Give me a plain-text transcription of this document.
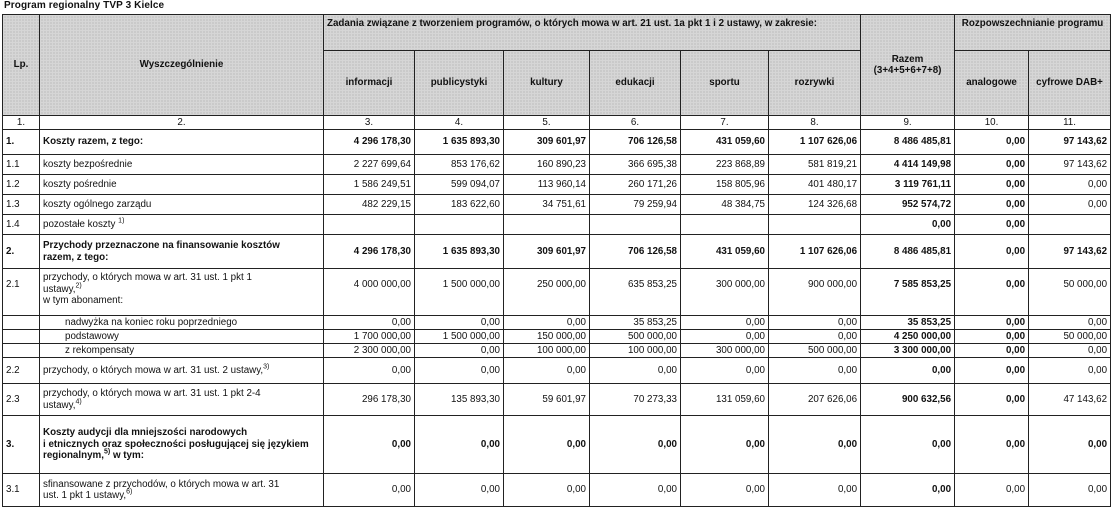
Program regionalny TVP 3 Kielce
Lp.	Wyszczególnienie	Zadania związane z tworzeniem programów, o których mowa w art. 21 ust. 1a pkt 1 i 2 ustawy, w zakresie:						Razem (3+4+5+6+7+8)	Rozpowszechnianie programu	
		informacji	publicystyki	kultury	edukacji	sportu	rozrywki		analogowe	cyfrowe DAB+
1.	2.	3.	4.	5.	6.	7.	8.	9.	10.	11.
1.	Koszty razem, z tego:	4 296 178,30	1 635 893,30	309 601,97	706 126,58	431 059,60	1 107 626,06	8 486 485,81	0,00	97 143,62
1.1	koszty bezpośrednie	2 227 699,64	853 176,62	160 890,23	366 695,38	223 868,89	581 819,21	4 414 149,98	0,00	97 143,62
1.2	koszty pośrednie	1 586 249,51	599 094,07	113 960,14	260 171,26	158 805,96	401 480,17	3 119 761,11	0,00	0,00
1.3	koszty ogólnego zarządu	482 229,15	183 622,60	34 751,61	79 259,94	48 384,75	124 326,68	952 574,72	0,00	0,00
1.4	pozostałe koszty $^{1)}$							0,00	0,00	
2.	Przychody przeznaczone na finansowanie kosztów
razem, z tego:	4 296 178,30	1 635 893,30	309 601,97	706 126,58	431 059,60	1 107 626,06	8 486 485,81	0,00	97 143,62
2.1	przychody, o których mowa w art. 31 ust. 1 pkt 1
ustawy,$^{2)}$
w tym abonament:	4 000 000,00	1 500 000,00	250 000,00	635 853,25	300 000,00	900 000,00	7 585 853,25	0,00	50 000,00
	nadwyżka na koniec roku poprzedniego	0,00	0,00	0,00	35 853,25	0,00	0,00	35 853,25	0,00	0,00
	podstawowy	1 700 000,00	1 500 000,00	150 000,00	500 000,00	0,00	0,00	4 250 000,00	0,00	50 000,00
	z rekompensaty	2 300 000,00	0,00	100 000,00	100 000,00	300 000,00	500 000,00	3 300 000,00	0,00	0,00
2.2	przychody, o których mowa w art. 31 ust. 2 ustawy,$^{3)}$	0,00	0,00	0,00	0,00	0,00	0,00	0,00	0,00	0,00
2.3	przychody, o których mowa w art. 31 ust. 1 pkt 2-4
ustawy,$^{4)}$	296 178,30	135 893,30	59 601,97	70 273,33	131 059,60	207 626,06	900 632,56	0,00	47 143,62
3.	Koszty audycji dla mniejszości narodowych
i etnicznych oraz społeczności posługującej się językiem
regionalnym,$^{5)}$ w tym:	0,00	0,00	0,00	0,00	0,00	0,00	0,00	0,00	0,00
3.1	sfinansowane z przychodów, o których mowa w art. 31
ust. 1 pkt 1 ustawy,$^{6)}$	0,00	0,00	0,00	0,00	0,00	0,00	0,00	0,00	0,00
